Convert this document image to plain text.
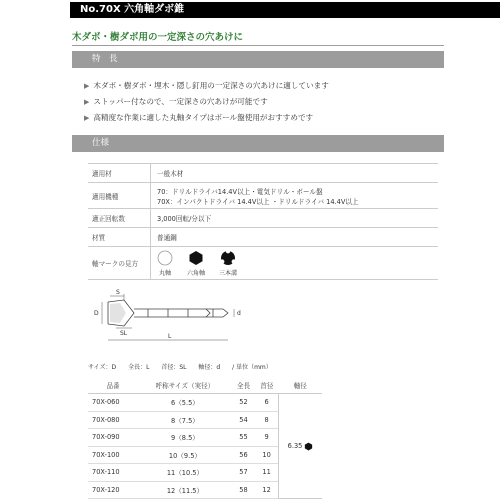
No.70X 六角軸ダボ錐
木ダボ・樹ダボ用の一定深さの穴あけに
特　長
▶ 木ダボ・樹ダボ・埋木・隠し釘用の一定深さの穴あけに適しています
▶ ストッパー付なので、一定深さの穴あけが可能です
▶ 高精度な作業に適した丸軸タイプはボール盤使用がおすすめです
仕様
適用材	一般木材
適用機種	70：ドリルドライバ14.4V以上・電気ドリル・ボール盤
70X：インパクトドライバ 14.4V以上 ・ドリルドライバ 14.4V以上

適正回転数	3,000回転/分以下
材質	普通鋼
軸マークの見方	丸軸 六角軸 三本溝
D
S
SL	L
d
サイズ：D 全長：L 首径：SL 軸径：d / 単位（mm）
品番	呼称サイズ（実径）	全長	首径	軸径
70X-060	6（5.5）	52	6	6.35

70X-080	8（7.5）	54	8	
70X-090	9（8.5）	55	9	
70X-100	10（9.5）	56	10	
70X-110	11（10.5）	57	11	
70X-120	12（11.5）	58	12	
